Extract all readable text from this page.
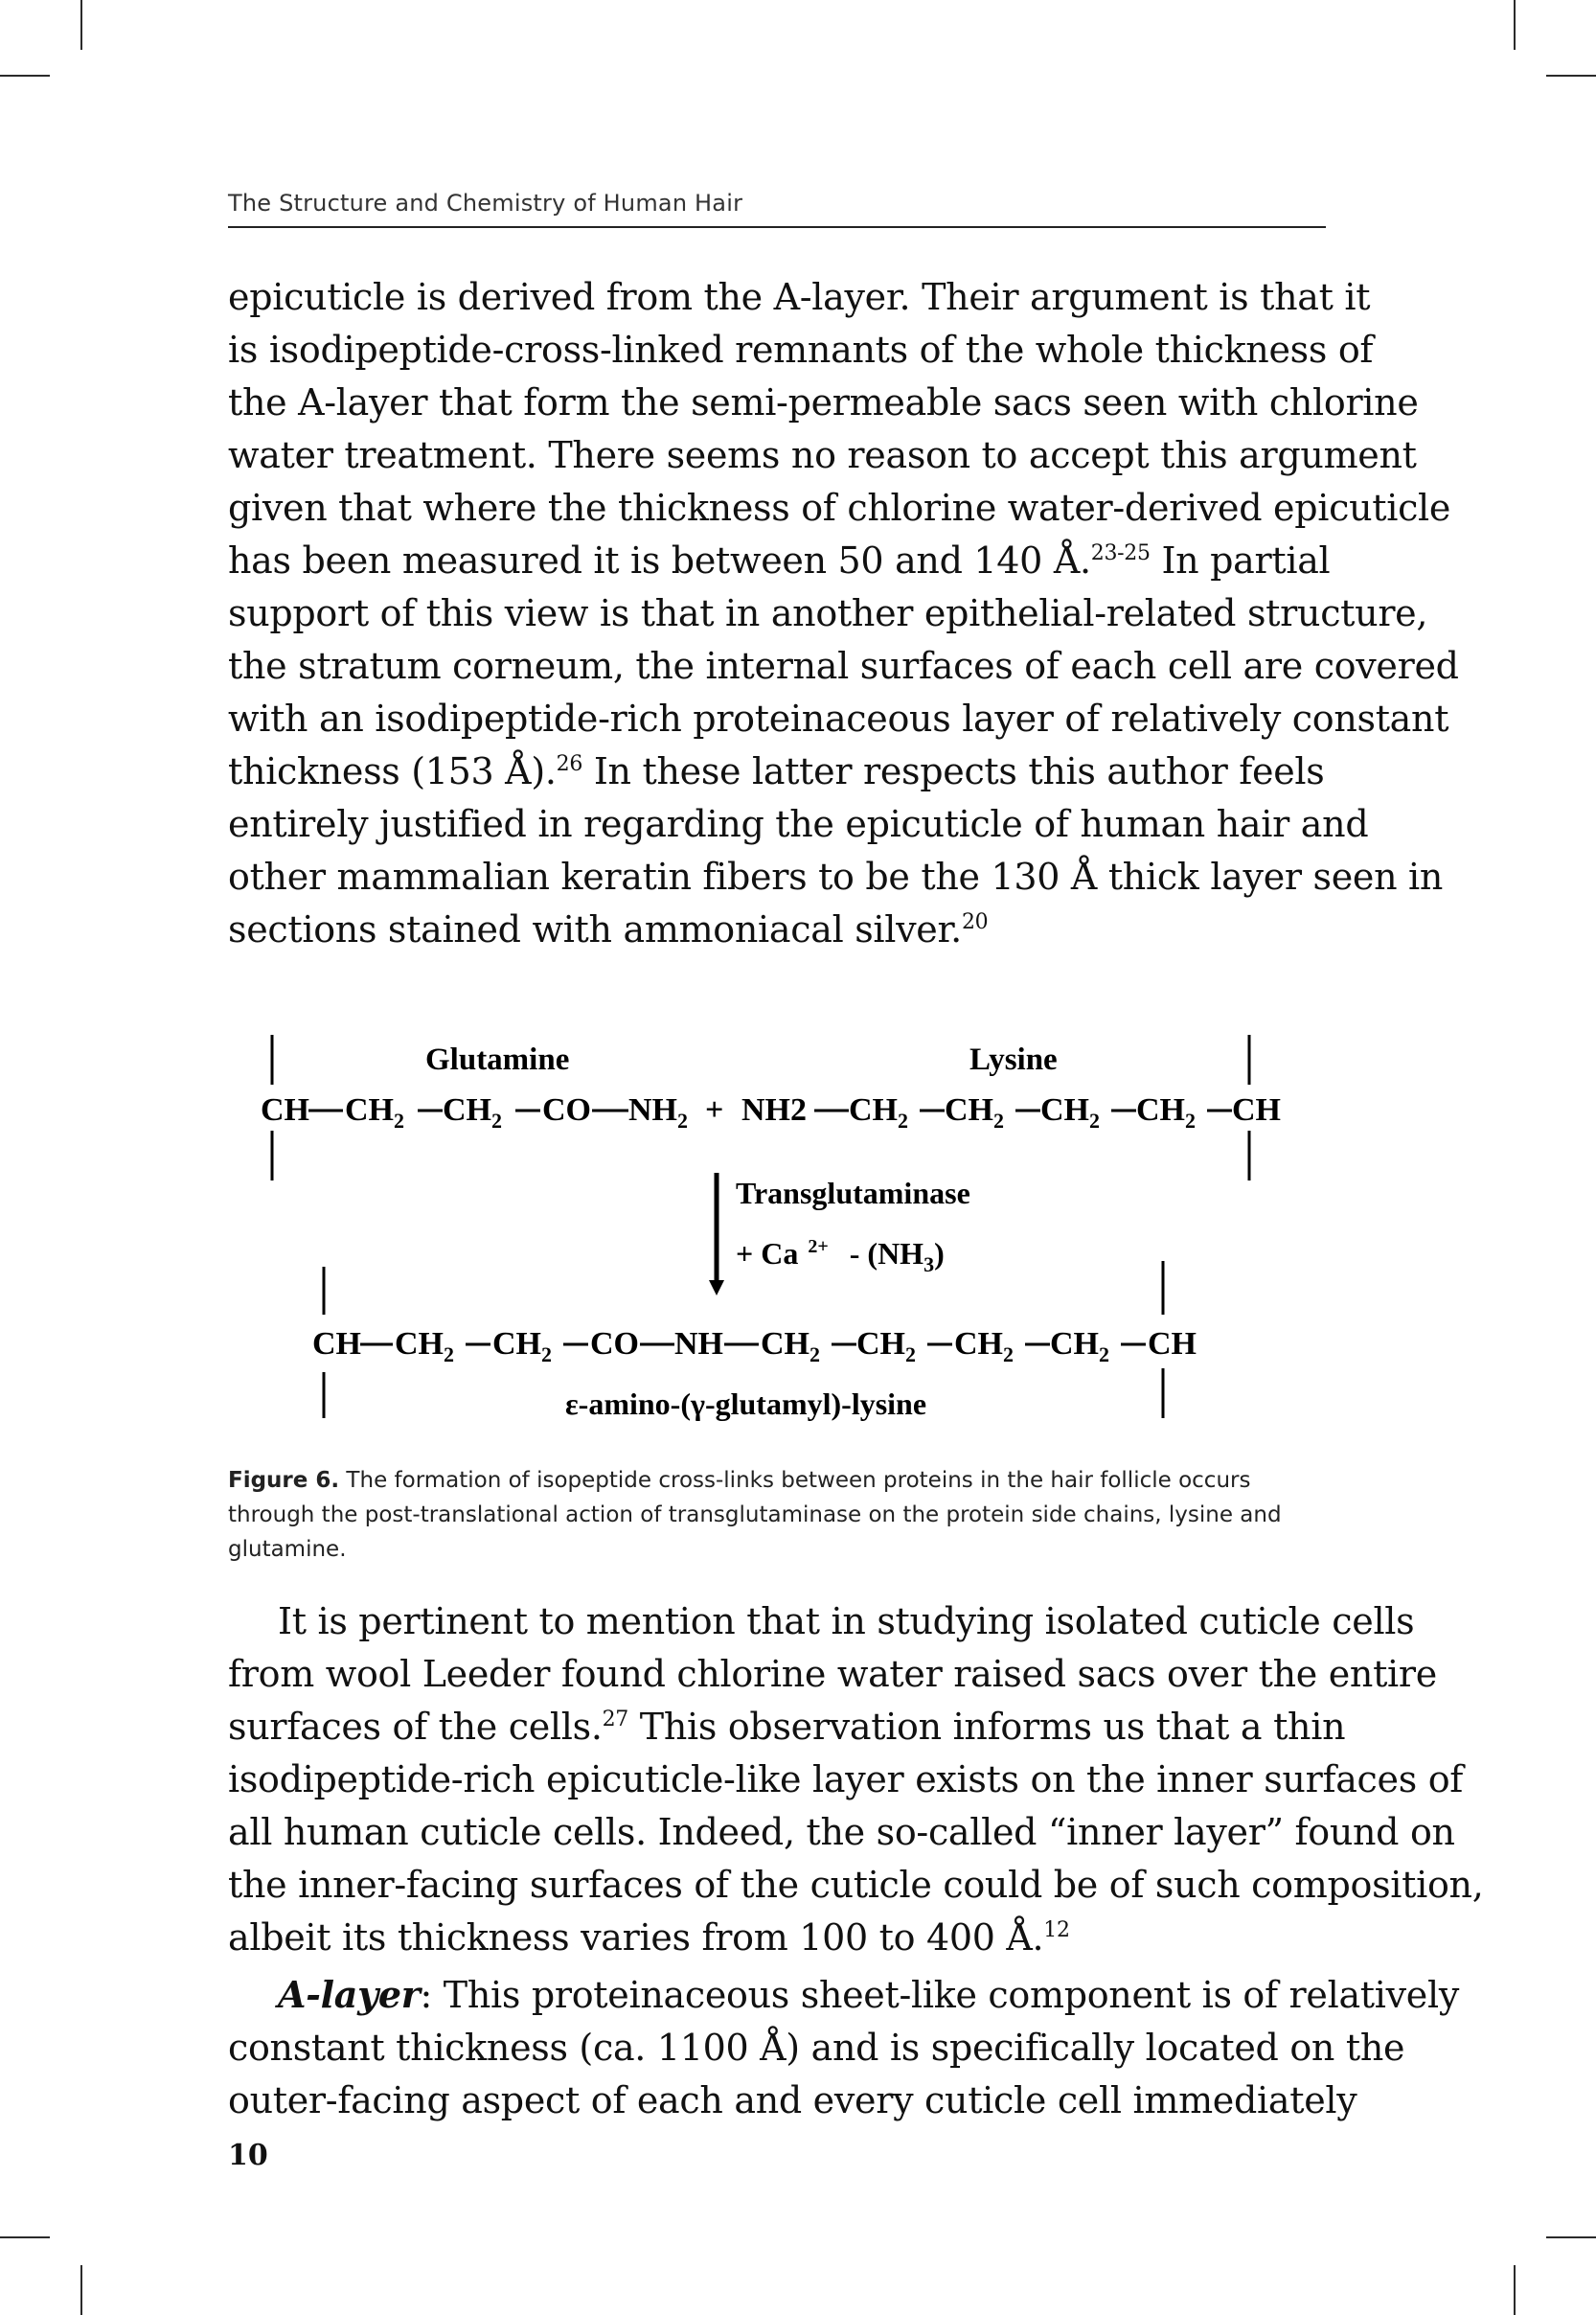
The Structure and Chemistry of Human Hair
epicuticle is derived from the A-layer. Their argument is that it
is isodipeptide-cross-linked remnants of the whole thickness of
the A-layer that form the semi-permeable sacs seen with chlorine
water treatment. There seems no reason to accept this argument
given that where the thickness of chlorine water-derived epicuticle
has been measured it is between 50 and 140 Å.$^{23-25}$ In partial
support of this view is that in another epithelial-related structure,
the stratum corneum, the internal surfaces of each cell are covered
with an isodipeptide-rich proteinaceous layer of relatively constant
thickness (153 Å).$^{26}$ In these latter respects this author feels
entirely justified in regarding the epicuticle of human hair and
other mammalian keratin fibers to be the 130 Å thick layer seen in
sections stained with ammoniacal silver.$^{20}$
Glutamine	Lysine
CH $CH_2$ $CH_2$ CO $NH_2 + NH2$ $CH_2$ $CH_2$ $CH_2$ $CH_2$ CH
Transglutaminase
+ Ca $^{2+} - (NH_3)$
CH $CH_2$ $CH_2$ CO NH $CH_2$ $CH_2$ $CH_2$ $CH_2$ CH
ε-amino-(γ-glutamyl)-lysine
Figure 6. The formation of isopeptide cross-links between proteins in the hair follicle occurs through the post-translational action of transglutaminase on the protein side chains, lysine and glutamine.
It is pertinent to mention that in studying isolated cuticle cells
from wool Leeder found chlorine water raised sacs over the entire
surfaces of the cells.$^{27}$ This observation informs us that a thin
isodipeptide-rich epicuticle-like layer exists on the inner surfaces of
all human cuticle cells. Indeed, the so-called “inner layer” found on
the inner-facing surfaces of the cuticle could be of such composition,
albeit its thickness varies from 100 to 400 Å.$^{12}$
A-layer: This proteinaceous sheet-like component is of relatively
constant thickness (ca. 1100 Å) and is specifically located on the
outer-facing aspect of each and every cuticle cell immediately
10
